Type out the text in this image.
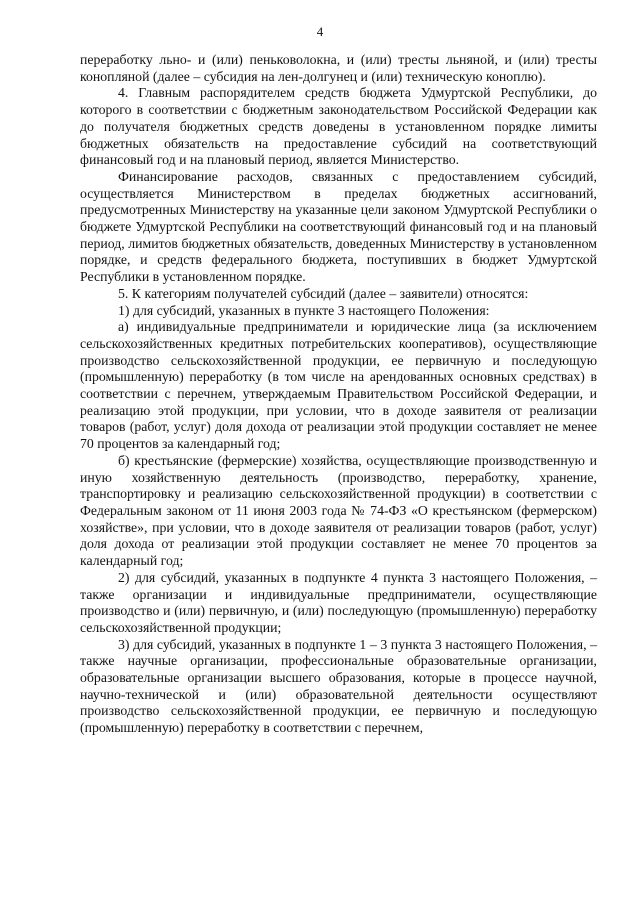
4

переработку льно- и (или) пеньковолокна, и (или) тресты льняной, и (или) тресты конопляной (далее – субсидия на лен-долгунец и (или) техническую коноплю).

4. Главным распорядителем средств бюджета Удмуртской Республики, до которого в соответствии с бюджетным законодательством Российской Федерации как до получателя бюджетных средств доведены в установленном порядке лимиты бюджетных обязательств на предоставление субсидий на соответствующий финансовый год и на плановый период, является Министерство.

Финансирование расходов, связанных с предоставлением субсидий, осуществляется Министерством в пределах бюджетных ассигнований, предусмотренных Министерству на указанные цели законом Удмуртской Республики о бюджете Удмуртской Республики на соответствующий финансовый год и на плановый период, лимитов бюджетных обязательств, доведенных Министерству в установленном порядке, и средств федерального бюджета, поступивших в бюджет Удмуртской Республики в установленном порядке.

5. К категориям получателей субсидий (далее – заявители) относятся:

1) для субсидий, указанных в пункте 3 настоящего Положения:

а) индивидуальные предприниматели и юридические лица (за исключением сельскохозяйственных кредитных потребительских кооперативов), осуществляющие производство сельскохозяйственной продукции, ее первичную и последующую (промышленную) переработку (в том числе на арендованных основных средствах) в соответствии с перечнем, утверждаемым Правительством Российской Федерации, и реализацию этой продукции, при условии, что в доходе заявителя от реализации товаров (работ, услуг) доля дохода от реализации этой продукции составляет не менее 70 процентов за календарный год;

б) крестьянские (фермерские) хозяйства, осуществляющие производственную и иную хозяйственную деятельность (производство, переработку, хранение, транспортировку и реализацию сельскохозяйственной продукции) в соответствии с Федеральным законом от 11 июня 2003 года № 74-ФЗ «О крестьянском (фермерском) хозяйстве», при условии, что в доходе заявителя от реализации товаров (работ, услуг) доля дохода от реализации этой продукции составляет не менее 70 процентов за календарный год;

2) для субсидий, указанных в подпункте 4 пункта 3 настоящего Положения, – также организации и индивидуальные предприниматели, осуществляющие производство и (или) первичную, и (или) последующую (промышленную) переработку сельскохозяйственной продукции;

3) для субсидий, указанных в подпункте 1 – 3 пункта 3 настоящего Положения, – также научные организации, профессиональные образовательные организации, образовательные организации высшего образования, которые в процессе научной, научно-технической и (или) образовательной деятельности осуществляют производство сельскохозяйственной продукции, ее первичную и последующую (промышленную) переработку в соответствии с перечнем,
